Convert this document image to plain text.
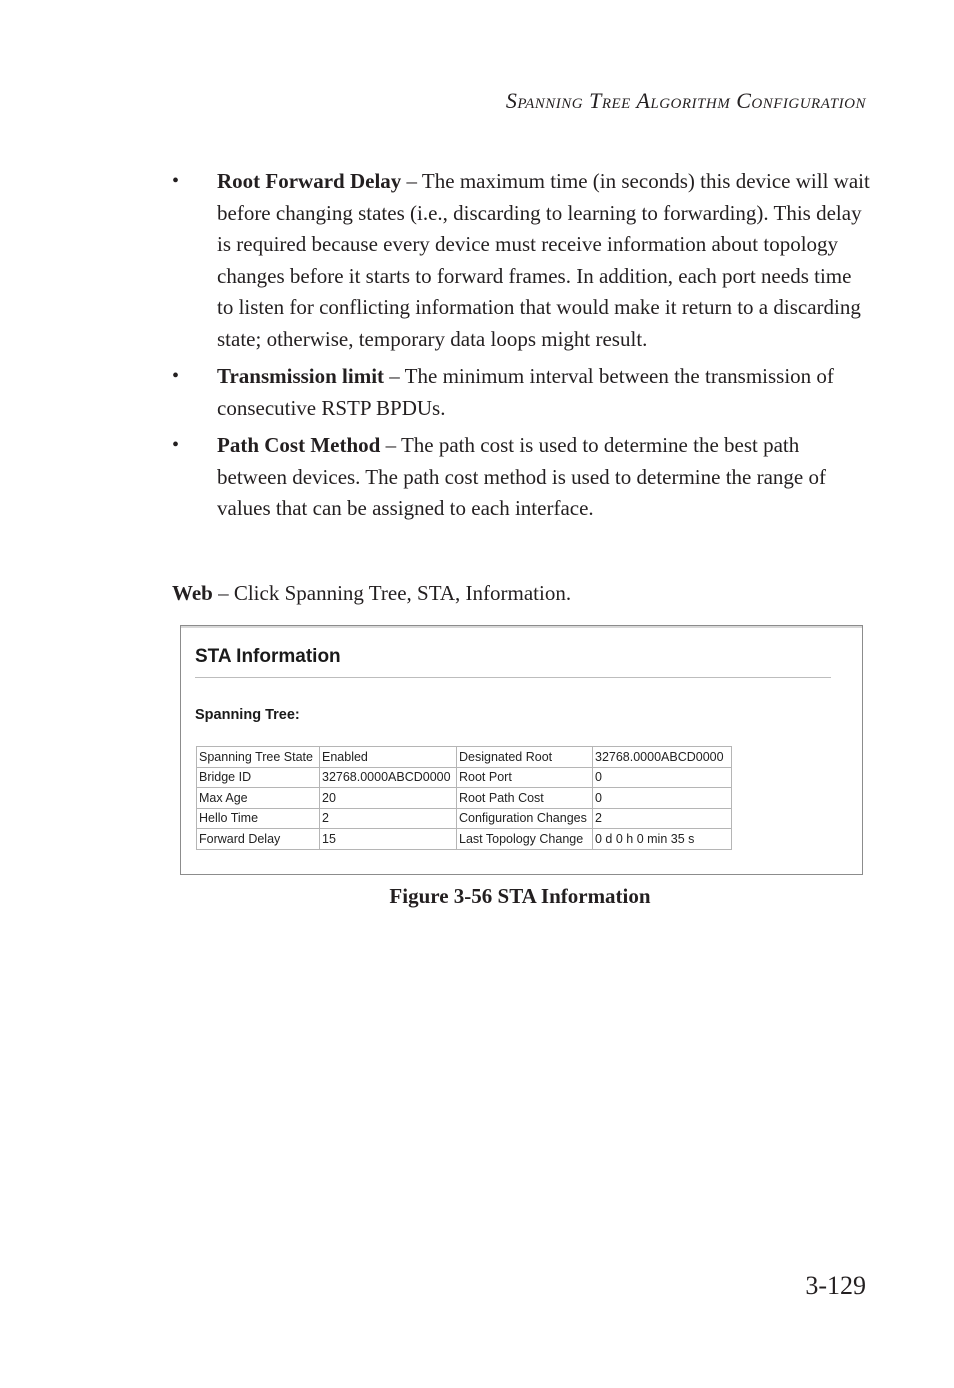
Spanning Tree Algorithm Configuration
• Root Forward Delay – The maximum time (in seconds) this device will wait before changing states (i.e., discarding to learning to forwarding). This delay is required because every device must receive information about topology changes before it starts to forward frames. In addition, each port needs time to listen for conflicting information that would make it return to a discarding state; otherwise, temporary data loops might result.
• Transmission limit – The minimum interval between the transmission of consecutive RSTP BPDUs.
• Path Cost Method – The path cost is used to determine the best path between devices. The path cost method is used to determine the range of values that can be assigned to each interface.
Web – Click Spanning Tree, STA, Information.
STA Information
Spanning Tree:
Spanning Tree State	Enabled	Designated Root	32768.0000ABCD0000
Bridge ID	32768.0000ABCD0000	Root Port	0
Max Age	20	Root Path Cost	0
Hello Time	2	Configuration Changes	2
Forward Delay	15	Last Topology Change	0 d 0 h 0 min 35 s
Figure 3-56 STA Information
3-129
